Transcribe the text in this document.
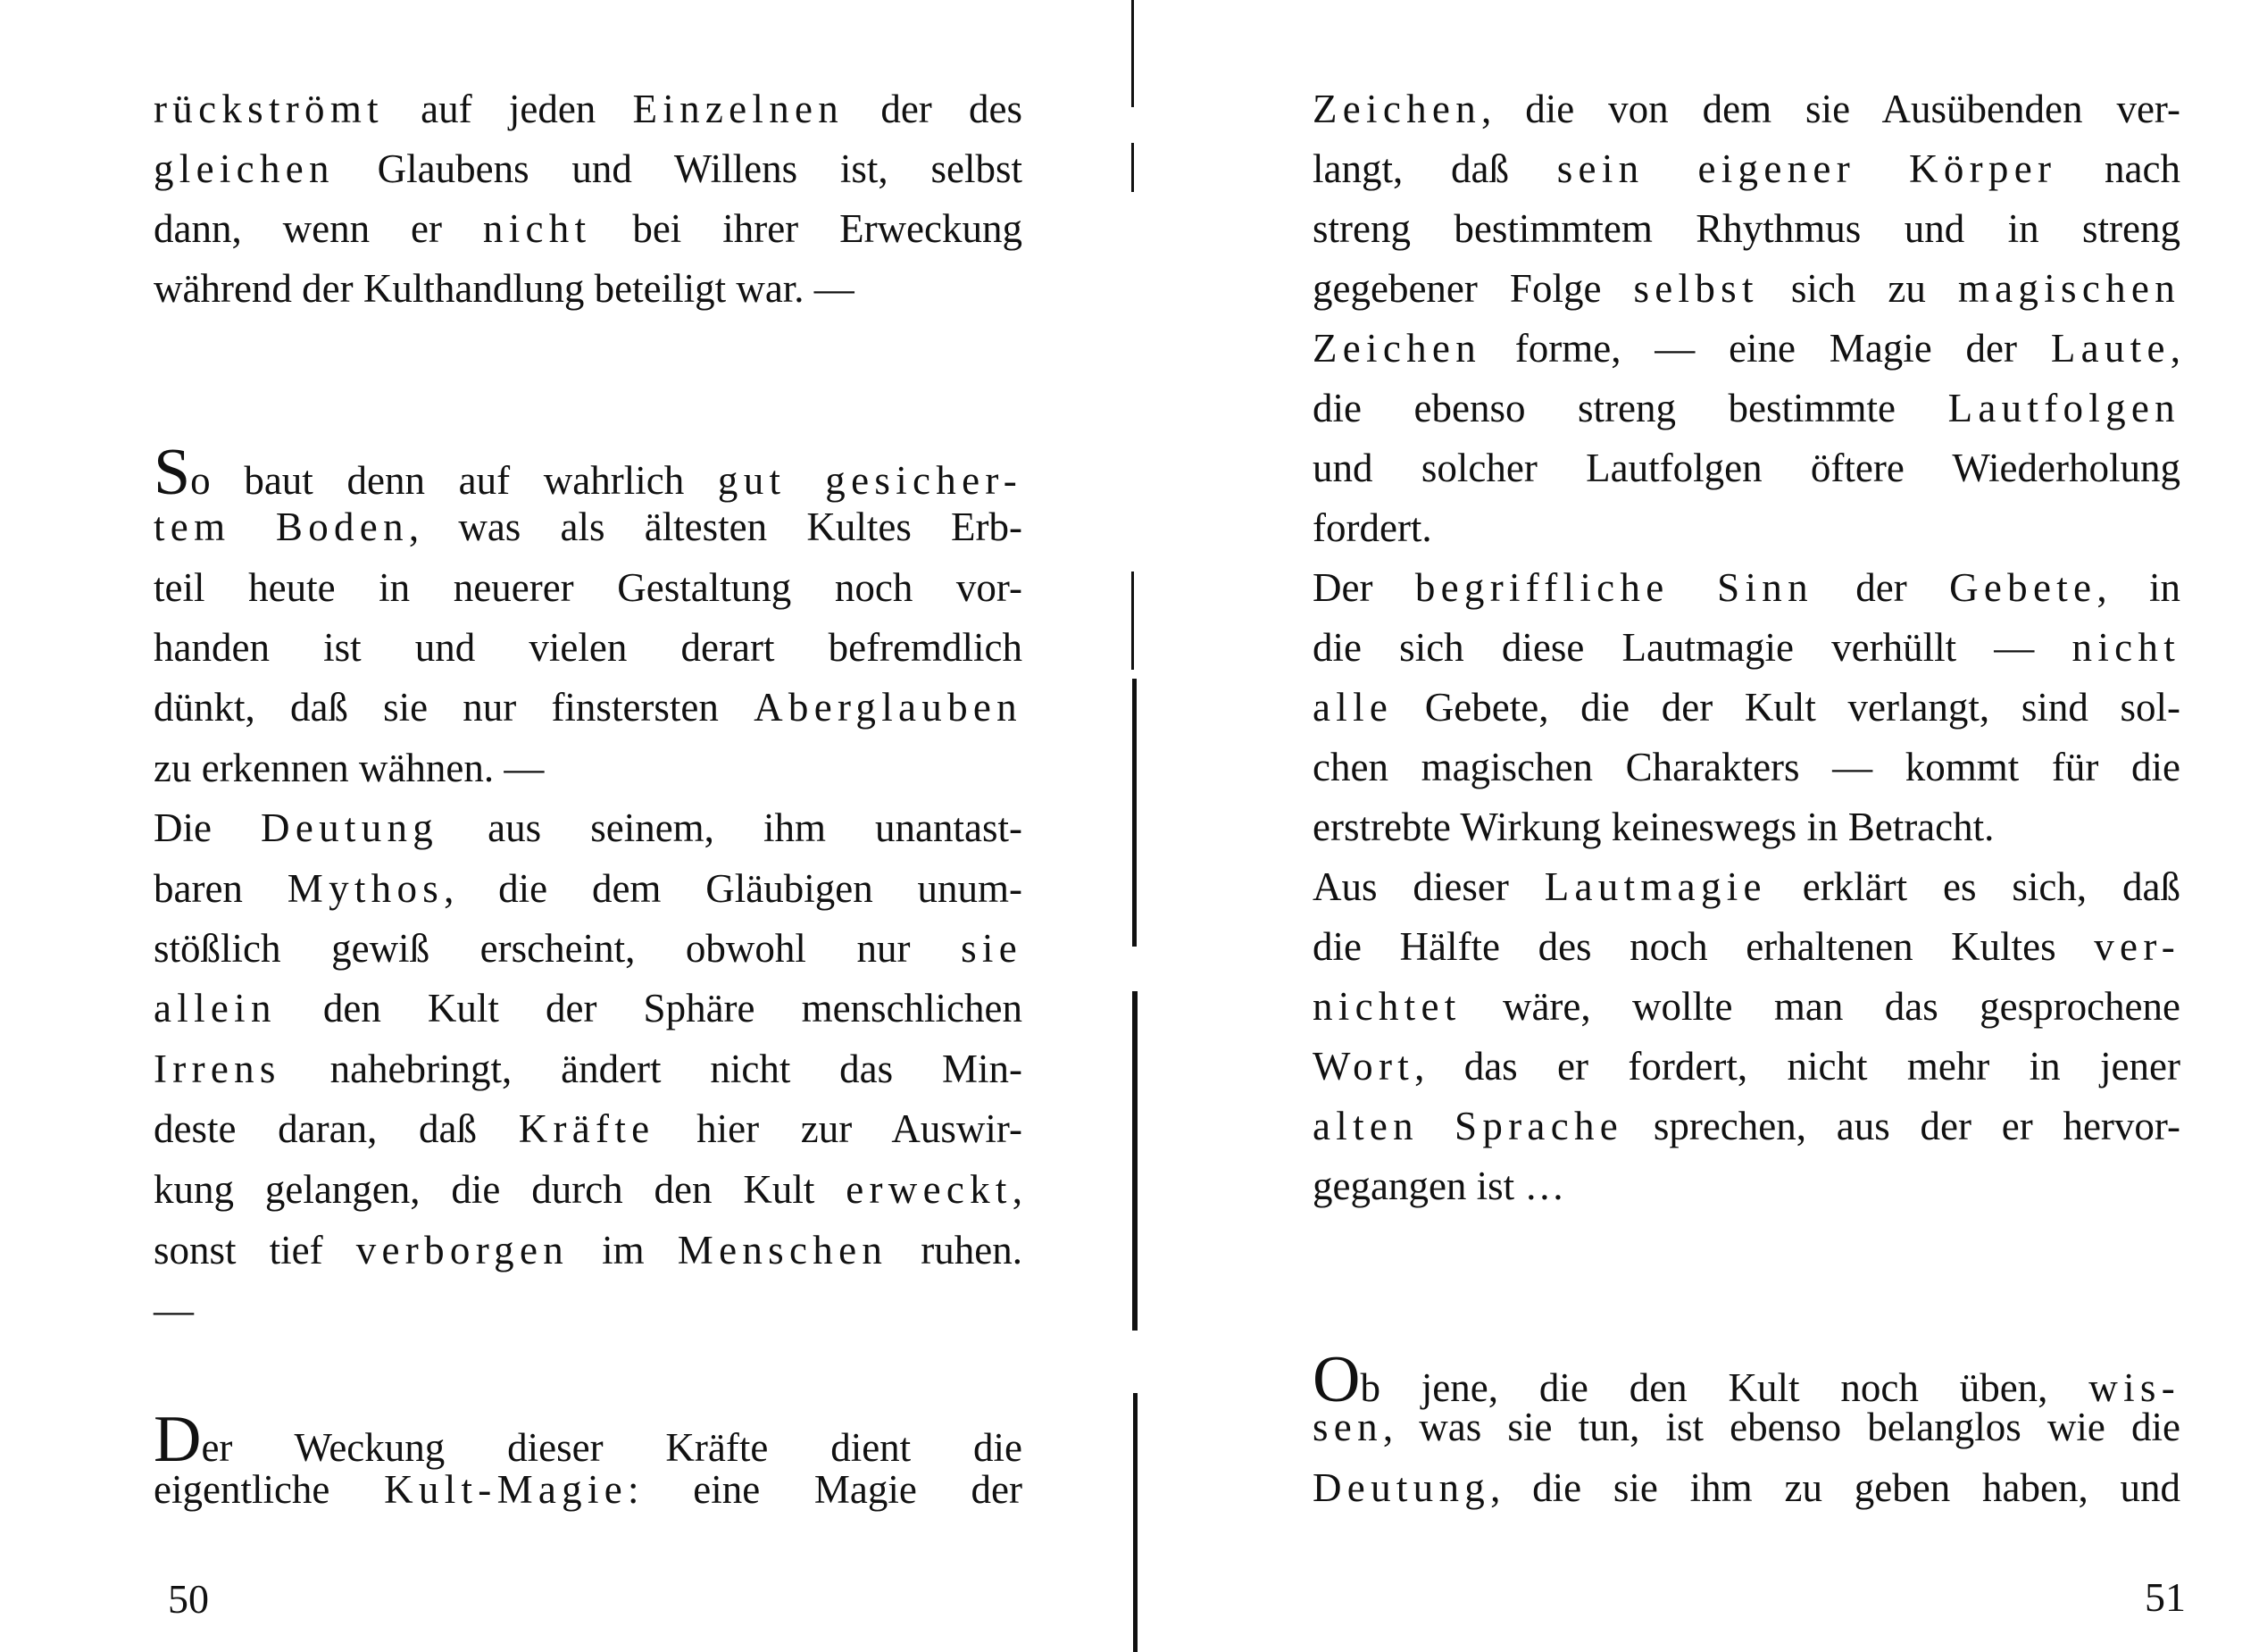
rückströmt auf jeden Einzelnen der des
gleichen Glaubens und Willens ist, selbst
dann, wenn er nicht bei ihrer Erweckung
während der Kulthandlung beteiligt war. —
So baut denn auf wahrlich gut gesicher-
tem Boden, was als ältesten Kultes Erb-
teil heute in neuerer Gestaltung noch vor-
handen ist und vielen derart befremdlich
dünkt, daß sie nur finstersten Aberglauben
zu erkennen wähnen. —
Die Deutung aus seinem, ihm unantast-
baren Mythos, die dem Gläubigen unum-
stößlich gewiß erscheint, obwohl nur sie
allein den Kult der Sphäre menschlichen
Irrens nahebringt, ändert nicht das Min-
deste daran, daß Kräfte hier zur Auswir-
kung gelangen, die durch den Kult erweckt,
sonst tief verborgen im Menschen ruhen.
—
Der Weckung dieser Kräfte dient die
eigentliche Kult-Magie: eine Magie der
50	51
Zeichen, die von dem sie Ausübenden ver-
langt, daß sein eigener Körper nach
streng bestimmtem Rhythmus und in streng
gegebener Folge selbst sich zu magischen
Zeichen forme, — eine Magie der Laute,
die ebenso streng bestimmte Lautfolgen
und solcher Lautfolgen öftere Wiederholung
fordert.
Der begriffliche Sinn der Gebete, in
die sich diese Lautmagie verhüllt — nicht
alle Gebete, die der Kult verlangt, sind sol-
chen magischen Charakters — kommt für die
erstrebte Wirkung keineswegs in Betracht.
Aus dieser Lautmagie erklärt es sich, daß
die Hälfte des noch erhaltenen Kultes ver-
nichtet wäre, wollte man das gesprochene
Wort, das er fordert, nicht mehr in jener
alten Sprache sprechen, aus der er hervor-
gegangen ist …
Ob jene, die den Kult noch üben, wis-
sen, was sie tun, ist ebenso belanglos wie die
Deutung, die sie ihm zu geben haben, und
